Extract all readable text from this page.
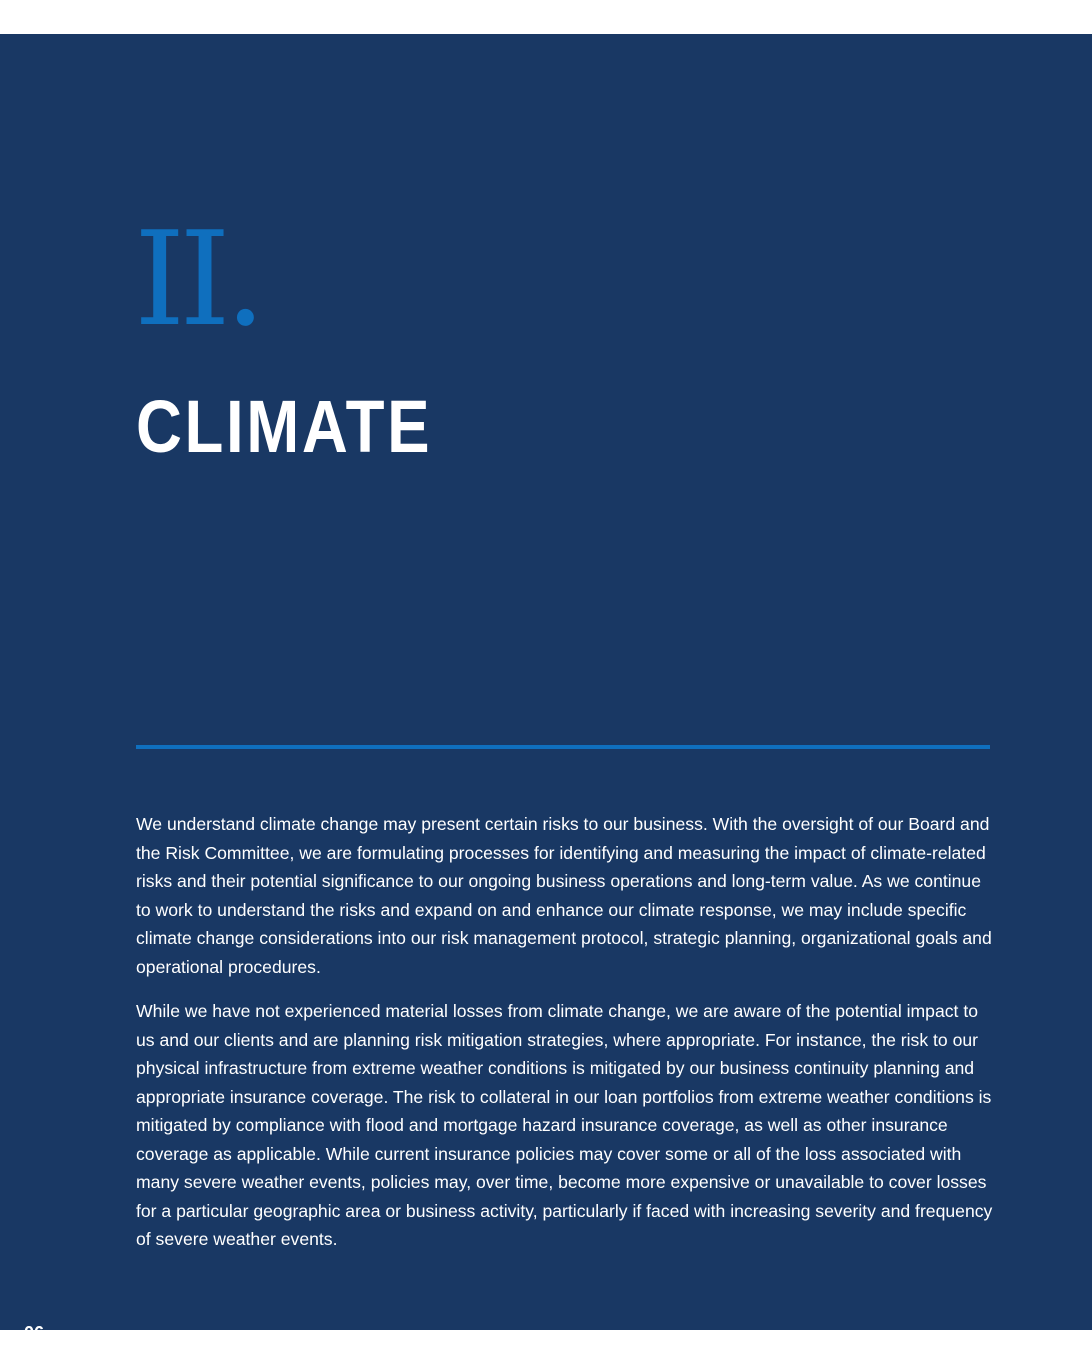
II.
CLIMATE

We understand climate change may present certain risks to our business. With the oversight of our Board and the Risk Committee, we are formulating processes for identifying and measuring the impact of climate-related risks and their potential significance to our ongoing business operations and long-term value. As we continue to work to understand the risks and expand on and enhance our climate response, we may include specific climate change considerations into our risk management protocol, strategic planning, organizational goals and operational procedures.

While we have not experienced material losses from climate change, we are aware of the potential impact to us and our clients and are planning risk mitigation strategies, where appropriate. For instance, the risk to our physical infrastructure from extreme weather conditions is mitigated by our business continuity planning and appropriate insurance coverage. The risk to collateral in our loan portfolios from extreme weather conditions is mitigated by compliance with flood and mortgage hazard insurance coverage, as well as other insurance coverage as applicable. While current insurance policies may cover some or all of the loss associated with many severe weather events, policies may, over time, become more expensive or unavailable to cover losses for a particular geographic area or business activity, particularly if faced with increasing severity and frequency of severe weather events.

06
